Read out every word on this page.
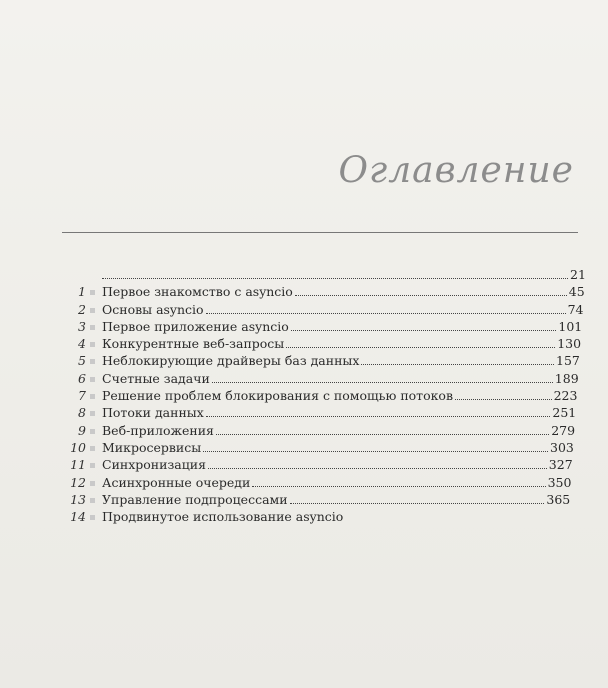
Оглавление
21
1 Первое знакомство с asyncio	45
2 Основы asyncio	74
3 Первое приложение asyncio	101
4 Конкурентные веб-запросы	130
5 Неблокирующие драйверы баз данных	157
6 Счетные задачи	189
7 Решение проблем блокирования с помощью потоков	223
8 Потоки данных	251
9 Веб-приложения	279
10 Микросервисы	303
11 Синхронизация	327
12 Асинхронные очереди	350
13 Управление подпроцессами	365
14 Продвинутое использование asyncio
